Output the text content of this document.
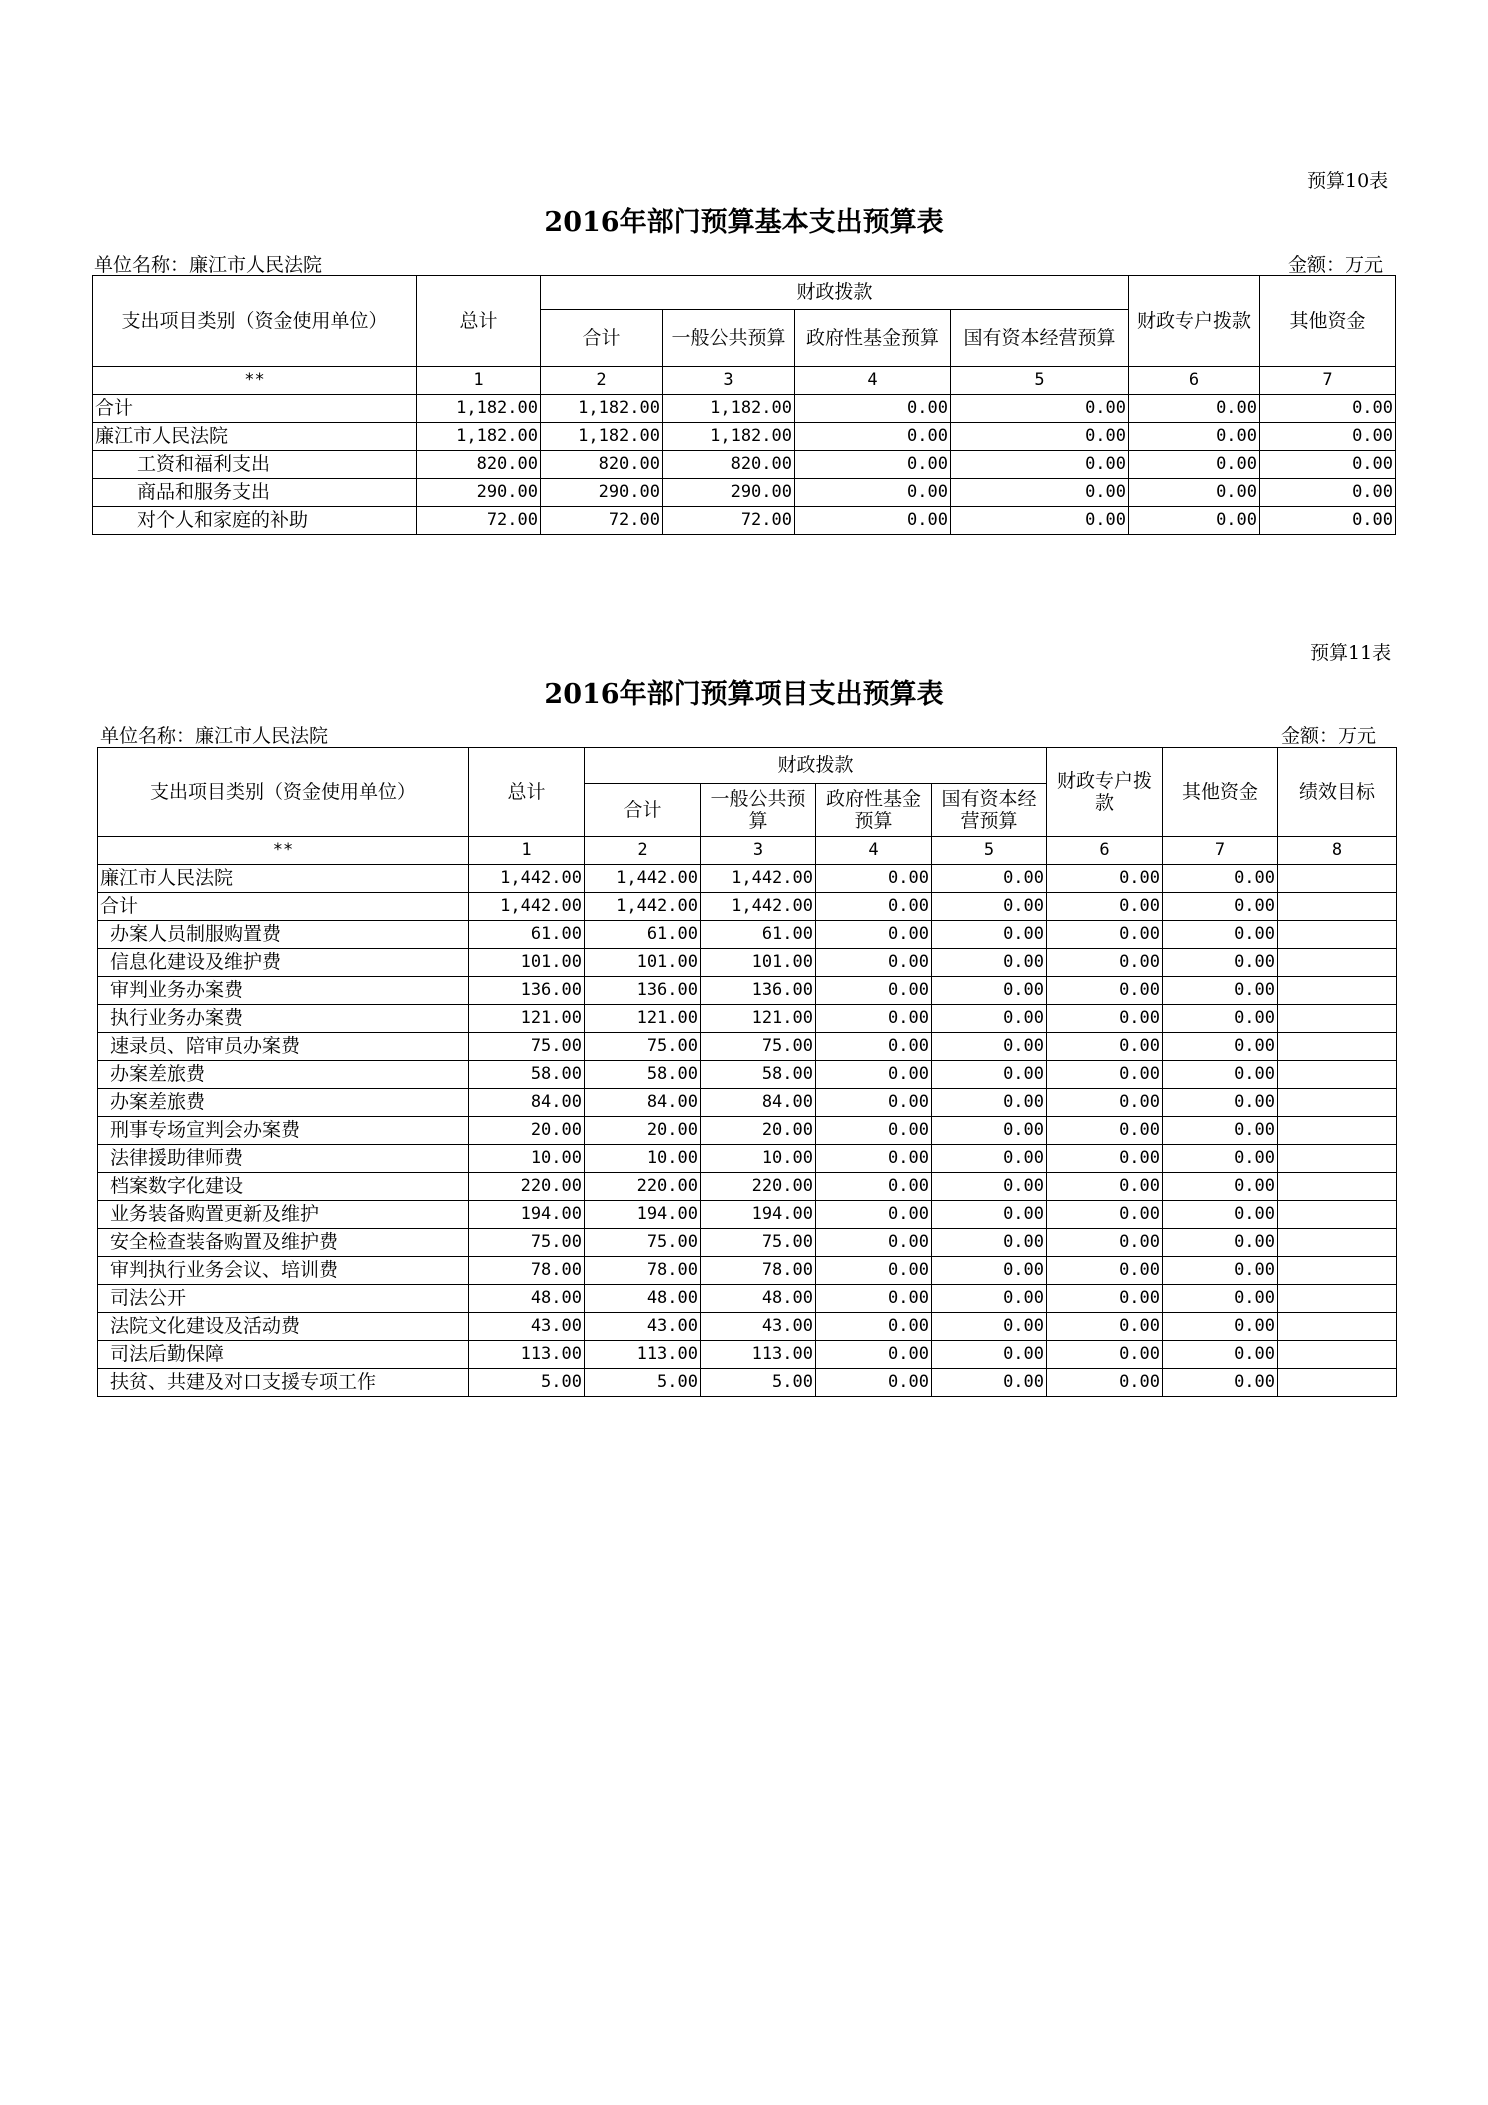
预算10表
2016年部门预算基本支出预算表
单位名称：廉江市人民法院	金额：万元
支出项目类别（资金使用单位）	总计	财政拨款				财政专户拨款	其他资金
		合计	一般公共预算	政府性基金预算	国有资本经营预算		
**	1	2	3	4	5	6	7
合计	1,182.00	1,182.00	1,182.00	0.00	0.00	0.00	0.00
廉江市人民法院	1,182.00	1,182.00	1,182.00	0.00	0.00	0.00	0.00
工资和福利支出	820.00	820.00	820.00	0.00	0.00	0.00	0.00
商品和服务支出	290.00	290.00	290.00	0.00	0.00	0.00	0.00
对个人和家庭的补助	72.00	72.00	72.00	0.00	0.00	0.00	0.00
预算11表
2016年部门预算项目支出预算表
单位名称：廉江市人民法院	金额：万元
支出项目类别（资金使用单位）	总计	财政拨款				财政专户拨款	其他资金	绩效目标
		合计	一般公共预算	政府性基金预算	国有资本经营预算			
**	1	2	3	4	5	6	7	8
廉江市人民法院	1,442.00	1,442.00	1,442.00	0.00	0.00	0.00	0.00	
合计	1,442.00	1,442.00	1,442.00	0.00	0.00	0.00	0.00	
办案人员制服购置费	61.00	61.00	61.00	0.00	0.00	0.00	0.00	
信息化建设及维护费	101.00	101.00	101.00	0.00	0.00	0.00	0.00	
审判业务办案费	136.00	136.00	136.00	0.00	0.00	0.00	0.00	
执行业务办案费	121.00	121.00	121.00	0.00	0.00	0.00	0.00	
速录员、陪审员办案费	75.00	75.00	75.00	0.00	0.00	0.00	0.00	
办案差旅费	58.00	58.00	58.00	0.00	0.00	0.00	0.00	
办案差旅费	84.00	84.00	84.00	0.00	0.00	0.00	0.00	
刑事专场宣判会办案费	20.00	20.00	20.00	0.00	0.00	0.00	0.00	
法律援助律师费	10.00	10.00	10.00	0.00	0.00	0.00	0.00	
档案数字化建设	220.00	220.00	220.00	0.00	0.00	0.00	0.00	
业务装备购置更新及维护	194.00	194.00	194.00	0.00	0.00	0.00	0.00	
安全检查装备购置及维护费	75.00	75.00	75.00	0.00	0.00	0.00	0.00	
审判执行业务会议、培训费	78.00	78.00	78.00	0.00	0.00	0.00	0.00	
司法公开	48.00	48.00	48.00	0.00	0.00	0.00	0.00	
法院文化建设及活动费	43.00	43.00	43.00	0.00	0.00	0.00	0.00	
司法后勤保障	113.00	113.00	113.00	0.00	0.00	0.00	0.00	
扶贫、共建及对口支援专项工作	5.00	5.00	5.00	0.00	0.00	0.00	0.00	
